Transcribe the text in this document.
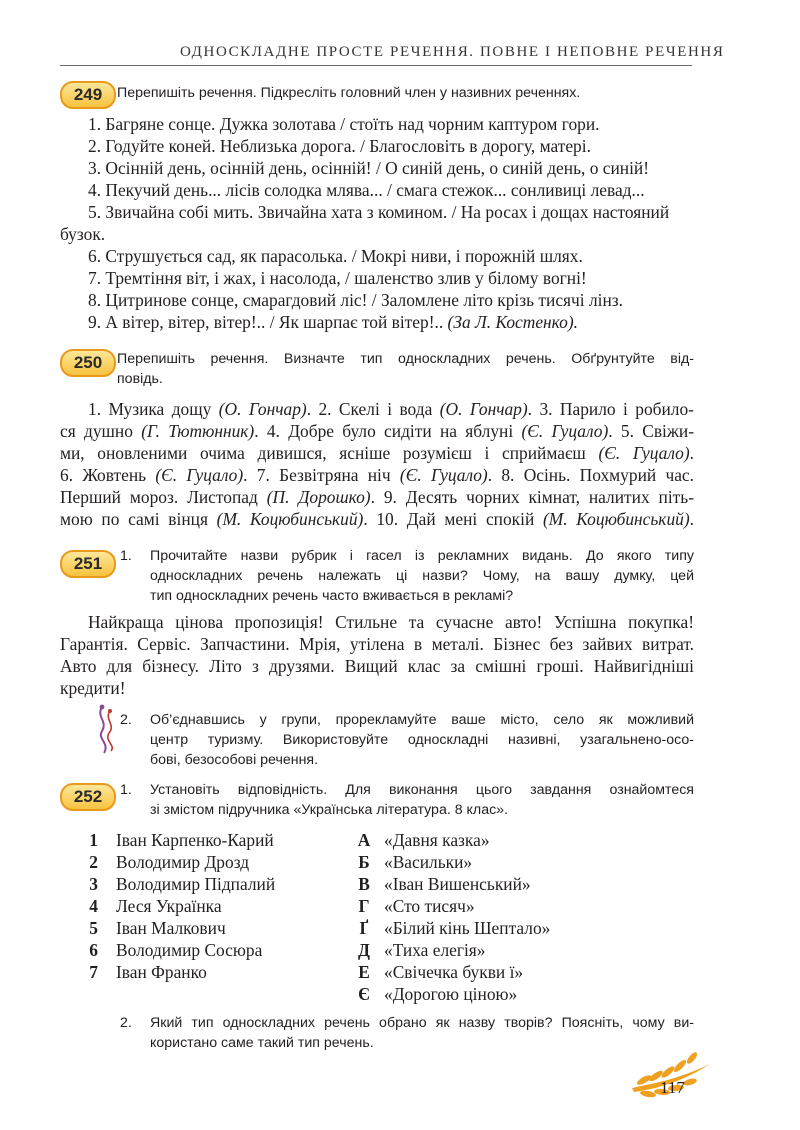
ОДНОСКЛАДНЕ ПРОСТЕ РЕЧЕННЯ. ПОВНЕ І НЕПОВНЕ РЕЧЕННЯ
249	Перепишіть речення. Підкресліть головний член у називних реченнях.
1. Багряне сонце. Дужка золотава / стоїть над чорним каптуром гори.
2. Годуйте коней. Неблизька дорога. / Благословіть в дорогу, матері.
3. Осінній день, осінній день, осінній! / О синій день, о синій день, о синій!
4. Пекучий день... лісів солодка млява... / смага стежок... сонливиці левад...
5. Звичайна собі мить. Звичайна хата з комином. / На росах і дощах настояний
бузок.
6. Струшується сад, як парасолька. / Мокрі ниви, і порожній шлях.
7. Тремтіння віт, і жах, і насолода, / шаленство злив у білому вогні!
8. Цитринове сонце, смарагдовий ліс! / Заломлене літо крізь тисячі лінз.
9. А вітер, вітер, вітер!.. / Як шарпає той вітер!.. (За Л. Костенко).
250	Перепишіть речення. Визначте тип односкладних речень. Обґрунтуйте від-
повідь.
1. Музика дощу (О. Гончар). 2. Скелі і вода (О. Гончар). 3. Парило і робило-
ся душно (Г. Тютюнник). 4. Добре було сидіти на яблуні (Є. Гуцало). 5. Свіжи-
ми, оновленими очима дивишся, ясніше розумієш і сприймаєш (Є. Гуцало).
6. Жовтень (Є. Гуцало). 7. Безвітряна ніч (Є. Гуцало). 8. Осінь. Похмурий час.
Перший мороз. Листопад (П. Дорошко). 9. Десять чорних кімнат, налитих піть-
мою по самі вінця (М. Коцюбинський). 10. Дай мені спокій (М. Коцюбинський).
251	1.	Прочитайте назви рубрик і гасел із рекламних видань. До якого типу
односкладних речень належать ці назви? Чому, на вашу думку, цей
тип односкладних речень часто вживається в рекламі?
Найкраща цінова пропозиція! Стильне та сучасне авто! Успішна покупка!
Гарантія. Сервіс. Запчастини. Мрія, утілена в металі. Бізнес без зайвих витрат.
Авто для бізнесу. Літо з друзями. Вищий клас за смішні гроші. Найвигідніші
кредити!
2.	Об’єднавшись у групи, прорекламуйте ваше місто, село як можливий
центр туризму. Використовуйте односкладні називні, узагальнено-осо-
бові, безособові речення.
252	1.	Установіть відповідність. Для виконання цього завдання ознайомтеся
зі змістом підручника «Українська література. 8 клас».
1 Іван Карпенко-Карий	А «Давня казка»
2 Володимир Дрозд	Б «Васильки»
3 Володимир Підпалий	В «Іван Вишенський»
4 Леся Українка	Г «Сто тисяч»
5 Іван Малкович	Ґ «Білий кінь Шептало»
6 Володимир Сосюра	Д «Тиха елегія»
7 Іван Франко	Е «Свічечка букви ї»
Є «Дорогою ціною»
2.	Який тип односкладних речень обрано як назву творів? Поясніть, чому ви-
користано саме такий тип речень.
117
